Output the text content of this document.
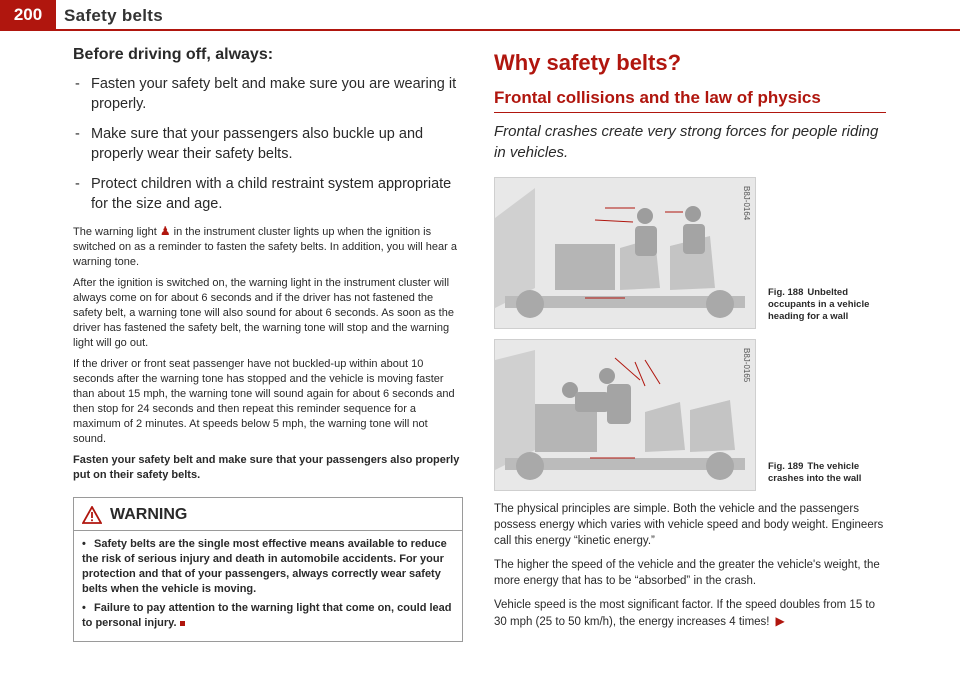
200	Safety belts
Before driving off, always:
- Fasten your safety belt and make sure you are wearing it properly.
- Make sure that your passengers also buckle up and properly wear their safety belts.
- Protect children with a child restraint system appropriate for the size and age.

The warning light ♟ in the instrument cluster lights up when the ignition is switched on as a reminder to fasten the safety belts. In addition, you will hear a warning tone.

After the ignition is switched on, the warning light in the instrument cluster will always come on for about 6 seconds and if the driver has not fastened the safety belt, a warning tone will also sound for about 6 seconds. As soon as the driver has fastened the safety belt, the warning tone will stop and the warning light will go out.

If the driver or front seat passenger have not buckled-up within about 10 seconds after the warning tone has stopped and the vehicle is moving faster than about 15 mph, the warning tone will sound again for about 6 seconds and then stop for 24 seconds and then repeat this reminder sequence for a maximum of 2 minutes. At speeds below 5 mph, the warning tone will not sound.

Fasten your safety belt and make sure that your passengers also properly put on their safety belts.

WARNING

• Safety belts are the single most effective means available to reduce the risk of serious injury and death in automobile accidents. For your protection and that of your passengers, always correctly wear safety belts when the vehicle is moving.

• Failure to pay attention to the warning light that come on, could lead to personal injury.

Why safety belts?
Frontal collisions and the law of physics

Frontal crashes create very strong forces for people riding in vehicles.

B8J-0164
Fig. 188 Unbelted occupants in a vehicle heading for a wall
B8J-0165
Fig. 189 The vehicle crashes into the wall

The physical principles are simple. Both the vehicle and the passengers possess energy which varies with vehicle speed and body weight. Engineers call this energy “kinetic energy.”

The higher the speed of the vehicle and the greater the vehicle's weight, the more energy that has to be “absorbed” in the crash.

Vehicle speed is the most significant factor. If the speed doubles from 15 to 30 mph (25 to 50 km/h), the energy increases 4 times! ▶
